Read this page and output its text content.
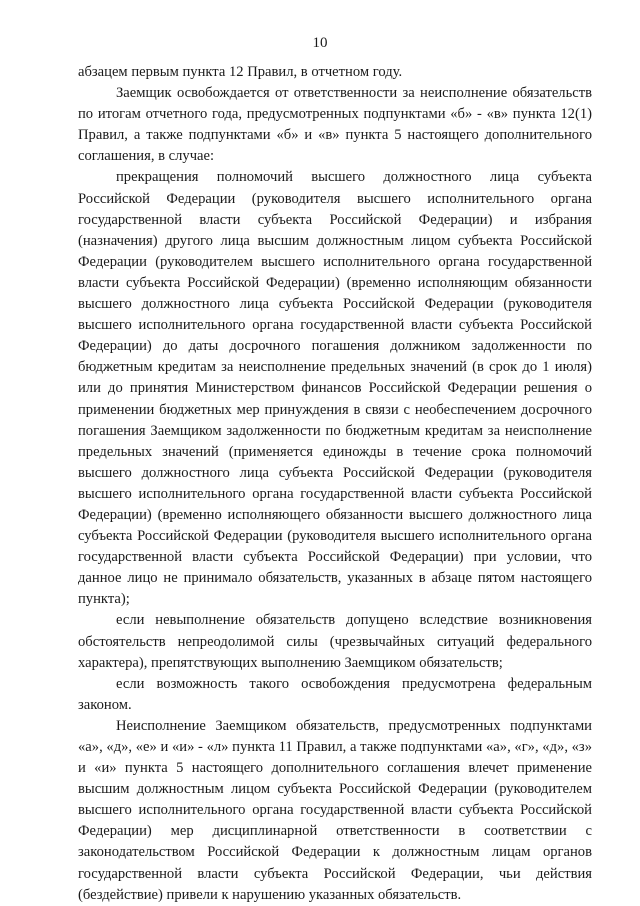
10

абзацем первым пункта 12 Правил, в отчетном году.

Заемщик освобождается от ответственности за неисполнение обязательств по итогам отчетного года, предусмотренных подпунктами «б» - «в» пункта 12(1) Правил, а также подпунктами «б» и «в» пункта 5 настоящего дополнительного соглашения, в случае:

прекращения полномочий высшего должностного лица субъекта Российской Федерации (руководителя высшего исполнительного органа государственной власти субъекта Российской Федерации) и избрания (назначения) другого лица высшим должностным лицом субъекта Российской Федерации (руководителем высшего исполнительного органа государственной власти субъекта Российской Федерации) (временно исполняющим обязанности высшего должностного лица субъекта Российской Федерации (руководителя высшего исполнительного органа государственной власти субъекта Российской Федерации) до даты досрочного погашения должником задолженности по бюджетным кредитам за неисполнение предельных значений (в срок до 1 июля) или до принятия Министерством финансов Российской Федерации решения о применении бюджетных мер принуждения в связи с необеспечением досрочного погашения Заемщиком задолженности по бюджетным кредитам за неисполнение предельных значений (применяется единожды в течение срока полномочий высшего должностного лица субъекта Российской Федерации (руководителя высшего исполнительного органа государственной власти субъекта Российской Федерации) (временно исполняющего обязанности высшего должностного лица субъекта Российской Федерации (руководителя высшего исполнительного органа государственной власти субъекта Российской Федерации) при условии, что данное лицо не принимало обязательств, указанных в абзаце пятом настоящего пункта);

если невыполнение обязательств допущено вследствие возникновения обстоятельств непреодолимой силы (чрезвычайных ситуаций федерального характера), препятствующих выполнению Заемщиком обязательств;

если возможность такого освобождения предусмотрена федеральным законом.

Неисполнение Заемщиком обязательств, предусмотренных подпунктами «а», «д», «е» и «и» - «л» пункта 11 Правил, а также подпунктами «а», «г», «д», «з» и «и» пункта 5 настоящего дополнительного соглашения влечет применение высшим должностным лицом субъекта Российской Федерации (руководителем высшего исполнительного органа государственной власти субъекта Российской Федерации) мер дисциплинарной ответственности в соответствии с законодательством Российской Федерации к должностным лицам органов государственной власти субъекта Российской Федерации, чьи действия (бездействие) привели к нарушению указанных обязательств.
